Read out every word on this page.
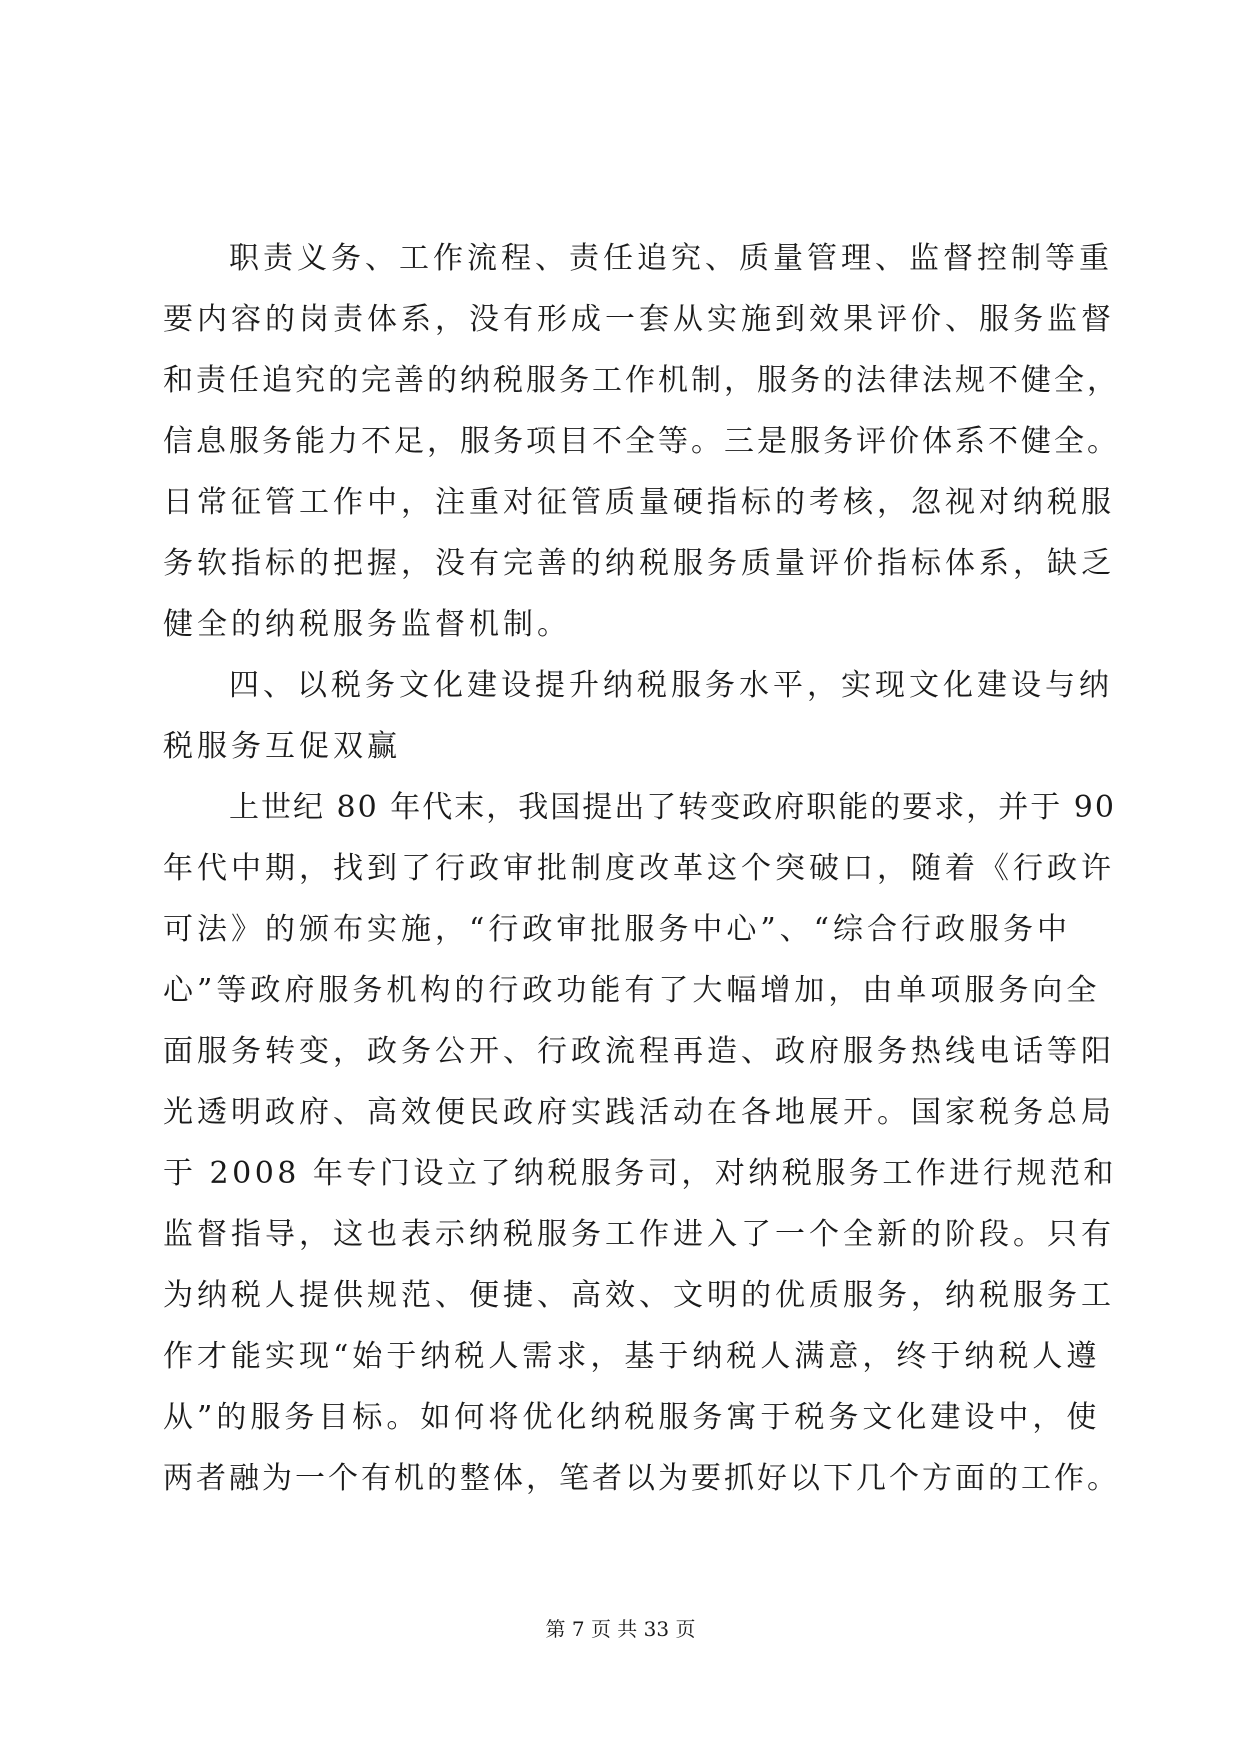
职责义务、工作流程、责任追究、质量管理、监督控制等重
要内容的岗责体系，没有形成一套从实施到效果评价、服务监督
和责任追究的完善的纳税服务工作机制，服务的法律法规不健全，
信息服务能力不足，服务项目不全等。三是服务评价体系不健全。
日常征管工作中，注重对征管质量硬指标的考核，忽视对纳税服
务软指标的把握，没有完善的纳税服务质量评价指标体系，缺乏
健全的纳税服务监督机制。
四、以税务文化建设提升纳税服务水平，实现文化建设与纳
税服务互促双赢
上世纪 80 年代末，我国提出了转变政府职能的要求，并于 90
年代中期，找到了行政审批制度改革这个突破口，随着《行政许
可法》的颁布实施，“行政审批服务中心”、“综合行政服务中
心”等政府服务机构的行政功能有了大幅增加，由单项服务向全
面服务转变，政务公开、行政流程再造、政府服务热线电话等阳
光透明政府、高效便民政府实践活动在各地展开。国家税务总局
于 2008 年专门设立了纳税服务司，对纳税服务工作进行规范和
监督指导，这也表示纳税服务工作进入了一个全新的阶段。只有
为纳税人提供规范、便捷、高效、文明的优质服务，纳税服务工
作才能实现“始于纳税人需求，基于纳税人满意，终于纳税人遵
从”的服务目标。如何将优化纳税服务寓于税务文化建设中，使
两者融为一个有机的整体，笔者以为要抓好以下几个方面的工作。
第 7 页 共 33 页
